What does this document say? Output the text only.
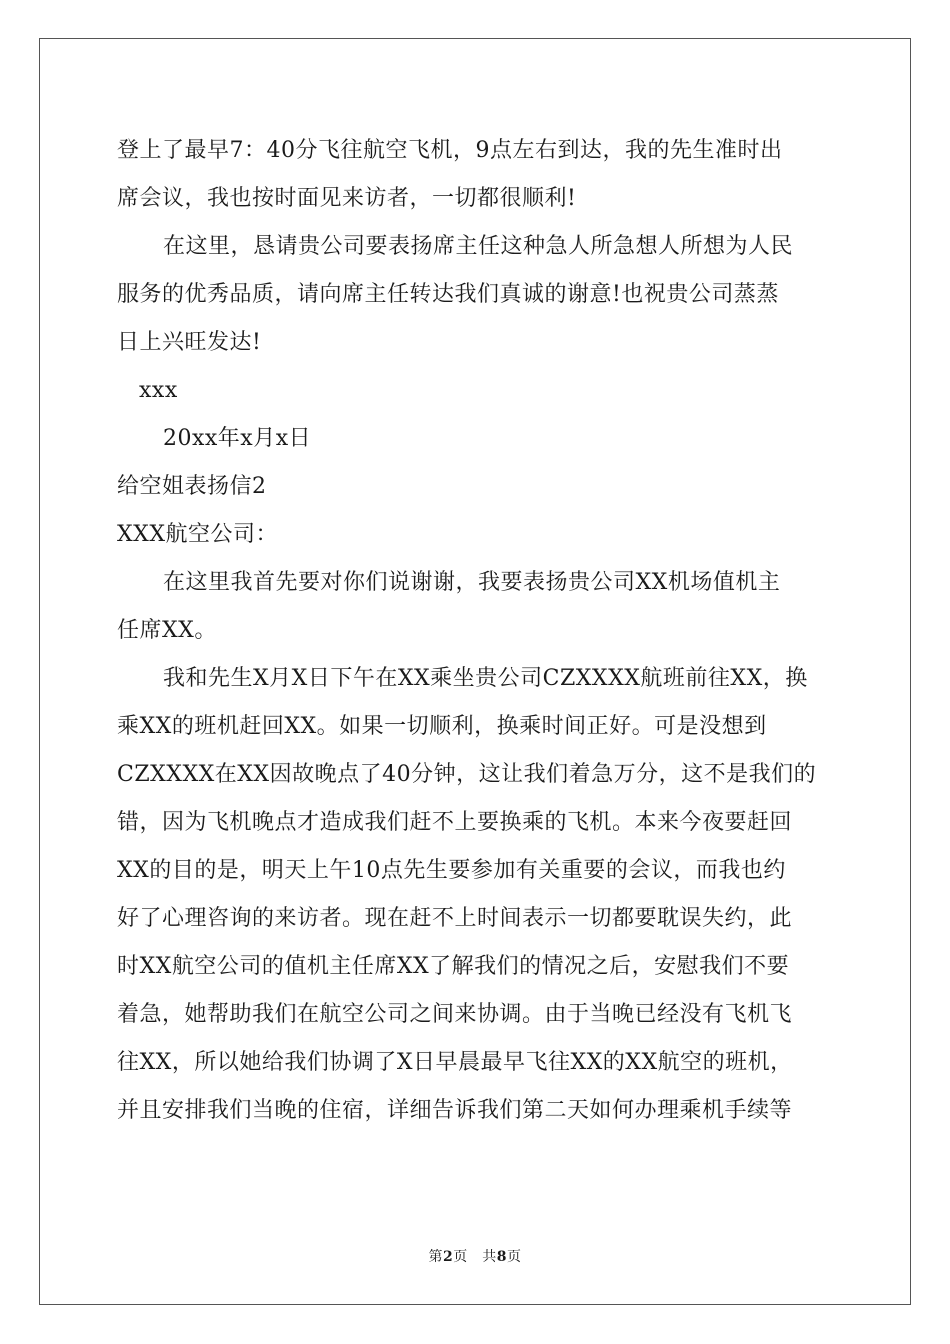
登上了最早7：40分飞往航空飞机，9点左右到达，我的先生准时出
席会议，我也按时面见来访者，一切都很顺利!
在这里，恳请贵公司要表扬席主任这种急人所急想人所想为人民
服务的优秀品质，请向席主任转达我们真诚的谢意!也祝贵公司蒸蒸
日上兴旺发达!
xxx
20xx年x月x日
给空姐表扬信2
XXX航空公司：
在这里我首先要对你们说谢谢，我要表扬贵公司XX机场值机主
任席XX。
我和先生X月X日下午在XX乘坐贵公司CZXXXX航班前往XX，换
乘XX的班机赶回XX。如果一切顺利，换乘时间正好。可是没想到
CZXXXX在XX因故晚点了40分钟，这让我们着急万分，这不是我们的
错，因为飞机晚点才造成我们赶不上要换乘的飞机。本来今夜要赶回
XX的目的是，明天上午10点先生要参加有关重要的会议，而我也约
好了心理咨询的来访者。现在赶不上时间表示一切都要耽误失约，此
时XX航空公司的值机主任席XX了解我们的情况之后，安慰我们不要
着急，她帮助我们在航空公司之间来协调。由于当晚已经没有飞机飞
往XX，所以她给我们协调了X日早晨最早飞往XX的XX航空的班机，
并且安排我们当晚的住宿，详细告诉我们第二天如何办理乘机手续等
第2页　共8页
